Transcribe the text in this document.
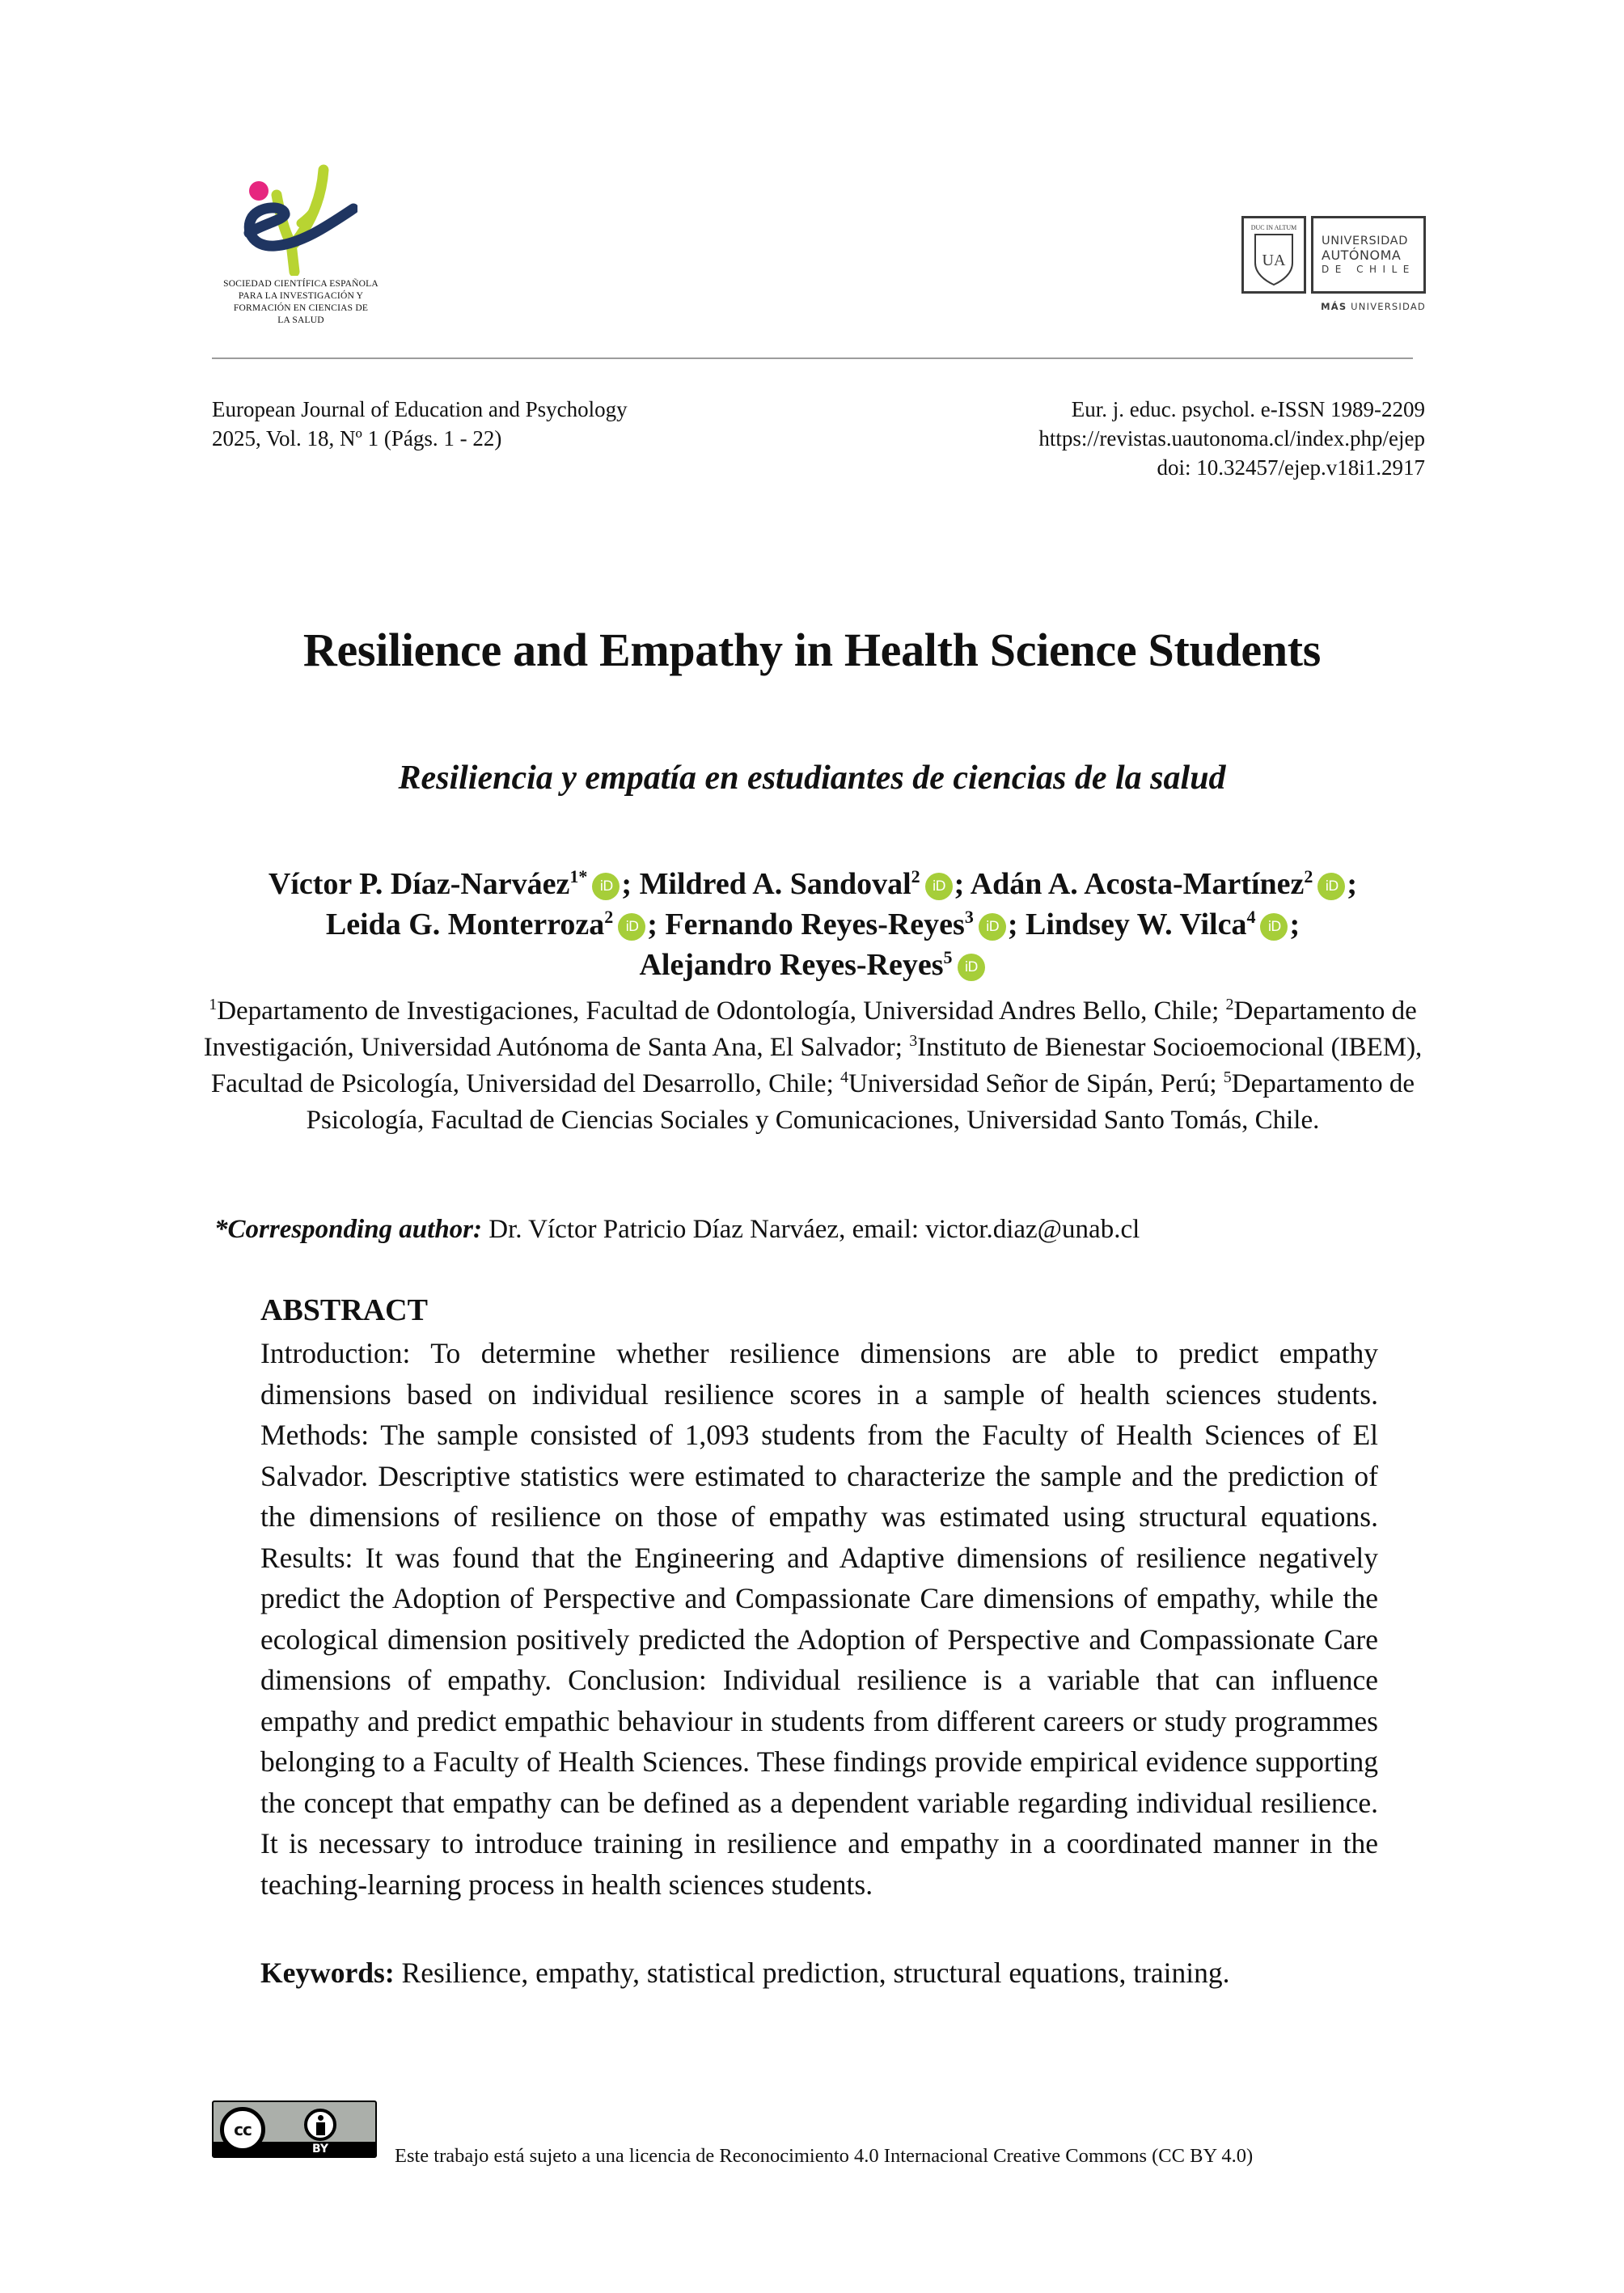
SOCIEDAD CIENTÍFICA ESPAÑOLA
PARA LA INVESTIGACIÓN Y
FORMACIÓN EN CIENCIAS DE
LA SALUD
DUC IN ALTUM
UA
UNIVERSIDAD
AUTÓNOMA
DE CHILE
MÁS UNIVERSIDAD
European Journal of Education and Psychology
2025, Vol. 18, Nº 1 (Págs. 1 - 22)
Eur. j. educ. psychol. e-ISSN 1989-2209
https://revistas.uautonoma.cl/index.php/ejep
doi: 10.32457/ejep.v18i1.2917
Resilience and Empathy in Health Science Students
Resiliencia y empatía en estudiantes de ciencias de la salud
Víctor P. Díaz-Narváez$^{1*}$ iD ; Mildred A. Sandoval$^2$ iD ; Adán A. Acosta-Martínez$^2$ iD ;
Leida G. Monterroza$^2$ iD ; Fernando Reyes-Reyes$^3$ iD ; Lindsey W. Vilca$^4$ iD ;
Alejandro Reyes-Reyes$^5$ iD
$^1$Departamento de Investigaciones, Facultad de Odontología, Universidad Andres Bello, Chile; $^2$Departamento de Investigación, Universidad Autónoma de Santa Ana, El Salvador; $^3$Instituto de Bienestar Socioemocional (IBEM), Facultad de Psicología, Universidad del Desarrollo, Chile; $^4$Universidad Señor de Sipán, Perú; $^5$Departamento de Psicología, Facultad de Ciencias Sociales y Comunicaciones, Universidad Santo Tomás, Chile.
*Corresponding author: Dr. Víctor Patricio Díaz Narváez, email: victor.diaz@unab.cl
ABSTRACT

Introduction: To determine whether resilience dimensions are able to predict empathy dimensions based on individual resilience scores in a sample of health sciences students. Methods: The sample consisted of 1,093 students from the Faculty of Health Sciences of El Salvador. Descriptive statistics were estimated to characterize the sample and the prediction of the dimensions of resilience on those of empathy was estimated using structural equations. Results: It was found that the Engineering and Adaptive dimensions of resilience negatively predict the Adoption of Perspective and Compassionate Care dimensions of empathy, while the ecological dimension positively predicted the Adoption of Perspective and Compassionate Care dimensions of empathy. Conclusion: Individual resilience is a variable that can influence empathy and predict empathic behaviour in students from different careers or study programmes belonging to a Faculty of Health Sciences. These findings provide empirical evidence supporting the concept that empathy can be defined as a dependent variable regarding individual resilience. It is necessary to introduce training in resilience and empathy in a coordinated manner in the teaching-learning process in health sciences students.

Keywords: Resilience, empathy, statistical prediction, structural equations, training.
cc
BY	Este trabajo está sujeto a una licencia de Reconocimiento 4.0 Internacional Creative Commons (CC BY 4.0)
